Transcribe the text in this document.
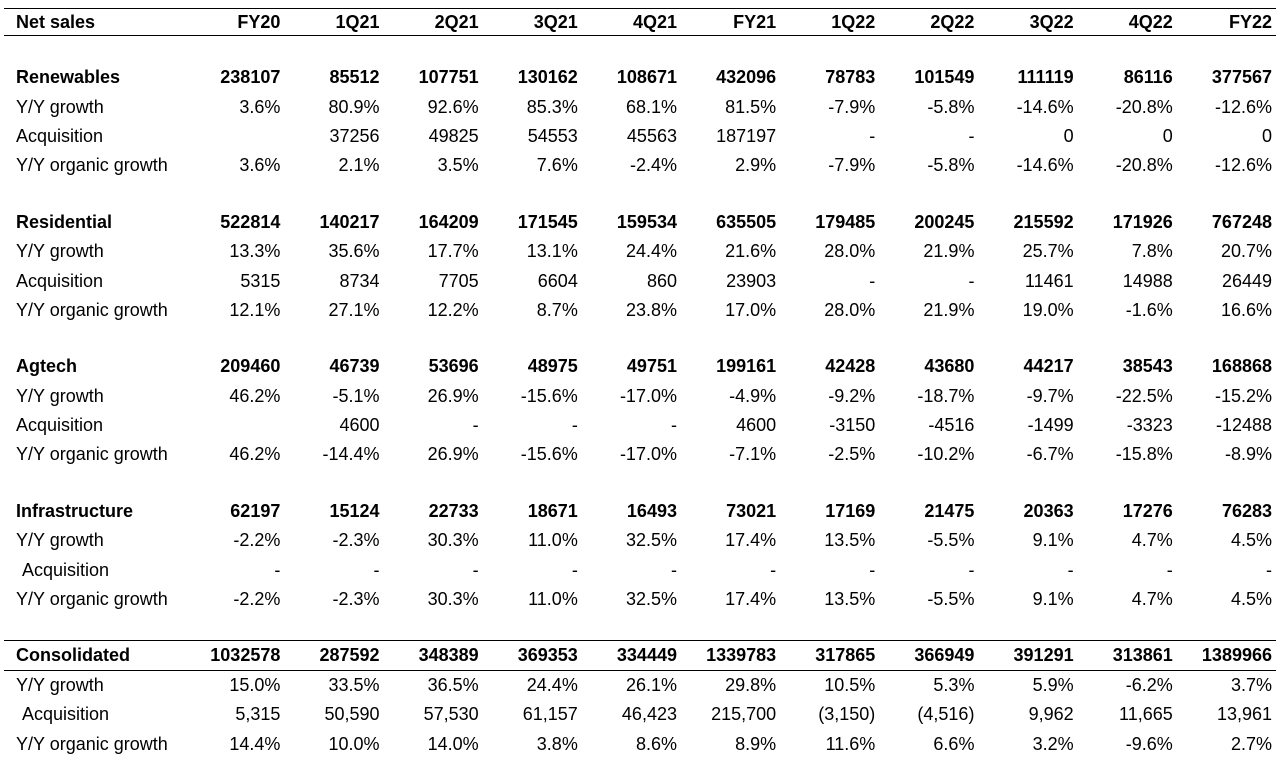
Net sales	FY20	1Q21	2Q21	3Q21	4Q21	FY21	1Q22	2Q22	3Q22	4Q22	FY22

Renewables	238107	85512	107751	130162	108671	432096	78783	101549	111119	86116	377567
Y/Y growth	3.6%	80.9%	92.6%	85.3%	68.1%	81.5%	-7.9%	-5.8%	-14.6%	-20.8%	-12.6%
Acquisition		37256	49825	54553	45563	187197	-	-	0	0	0
Y/Y organic growth	3.6%	2.1%	3.5%	7.6%	-2.4%	2.9%	-7.9%	-5.8%	-14.6%	-20.8%	-12.6%

Residential	522814	140217	164209	171545	159534	635505	179485	200245	215592	171926	767248
Y/Y growth	13.3%	35.6%	17.7%	13.1%	24.4%	21.6%	28.0%	21.9%	25.7%	7.8%	20.7%
Acquisition	5315	8734	7705	6604	860	23903	-	-	11461	14988	26449
Y/Y organic growth	12.1%	27.1%	12.2%	8.7%	23.8%	17.0%	28.0%	21.9%	19.0%	-1.6%	16.6%

Agtech	209460	46739	53696	48975	49751	199161	42428	43680	44217	38543	168868
Y/Y growth	46.2%	-5.1%	26.9%	-15.6%	-17.0%	-4.9%	-9.2%	-18.7%	-9.7%	-22.5%	-15.2%
Acquisition		4600	-	-	-	4600	-3150	-4516	-1499	-3323	-12488
Y/Y organic growth	46.2%	-14.4%	26.9%	-15.6%	-17.0%	-7.1%	-2.5%	-10.2%	-6.7%	-15.8%	-8.9%

Infrastructure	62197	15124	22733	18671	16493	73021	17169	21475	20363	17276	76283
Y/Y growth	-2.2%	-2.3%	30.3%	11.0%	32.5%	17.4%	13.5%	-5.5%	9.1%	4.7%	4.5%
Acquisition	-	-	-	-	-	-	-	-	-	-	-
Y/Y organic growth	-2.2%	-2.3%	30.3%	11.0%	32.5%	17.4%	13.5%	-5.5%	9.1%	4.7%	4.5%

Consolidated	1032578	287592	348389	369353	334449	1339783	317865	366949	391291	313861	1389966
Y/Y growth	15.0%	33.5%	36.5%	24.4%	26.1%	29.8%	10.5%	5.3%	5.9%	-6.2%	3.7%
Acquisition	5,315	50,590	57,530	61,157	46,423	215,700	(3,150)	(4,516)	9,962	11,665	13,961
Y/Y organic growth	14.4%	10.0%	14.0%	3.8%	8.6%	8.9%	11.6%	6.6%	3.2%	-9.6%	2.7%
